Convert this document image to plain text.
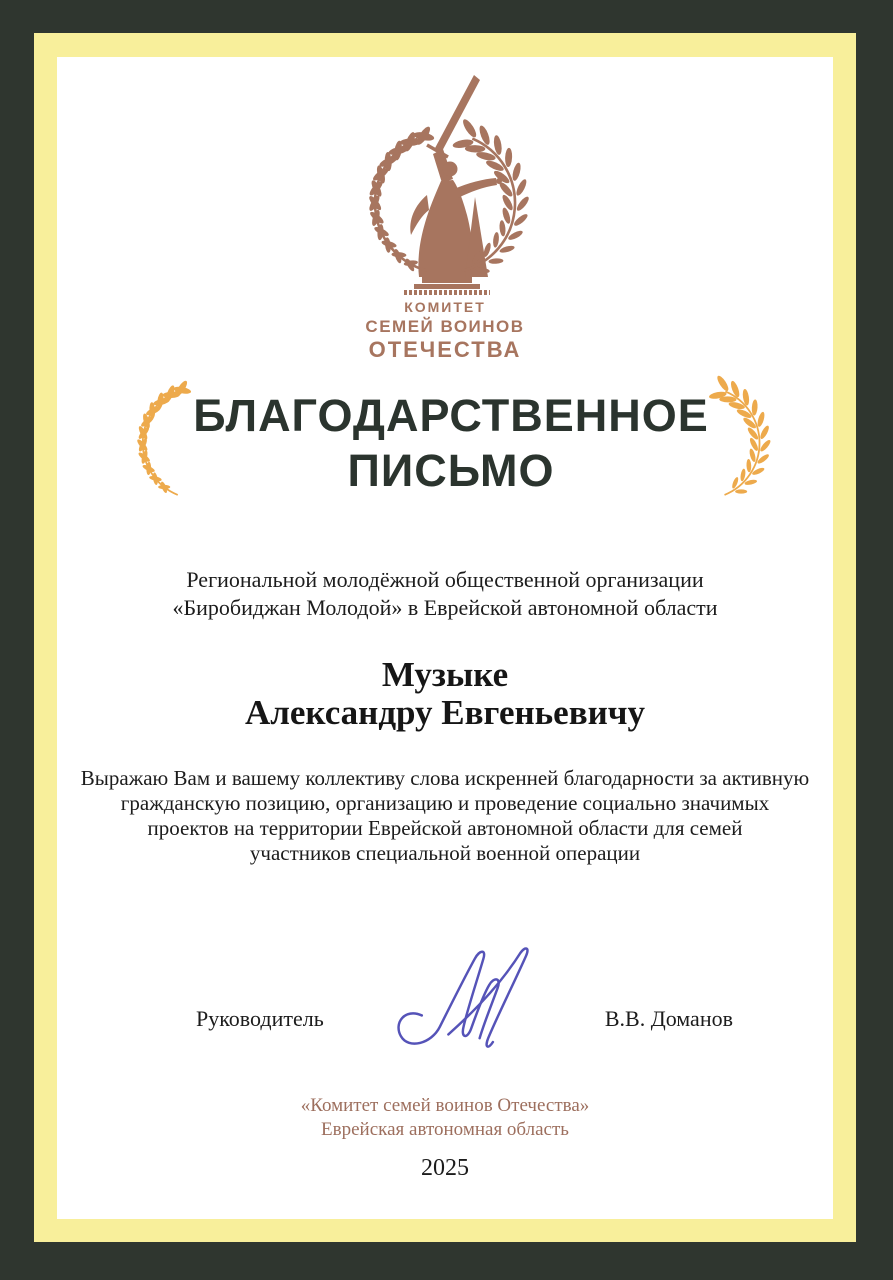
КОМИТЕТ
СЕМЕЙ ВОИНОВ
ОТЕЧЕСТВА
БЛАГОДАРСТВЕННОЕ
ПИСЬМО
Региональной молодёжной общественной организации
«Биробиджан Молодой» в Еврейской автономной области
Музыке
Александру Евгеньевичу
Выражаю Вам и вашему коллективу слова искренней благодарности за активную
гражданскую позицию, организацию и проведение социально значимых
проектов на территории Еврейской автономной области для семей
участников специальной военной операции
Руководитель	В.В. Доманов
«Комитет семей воинов Отечества»
Еврейская автономная область
2025
